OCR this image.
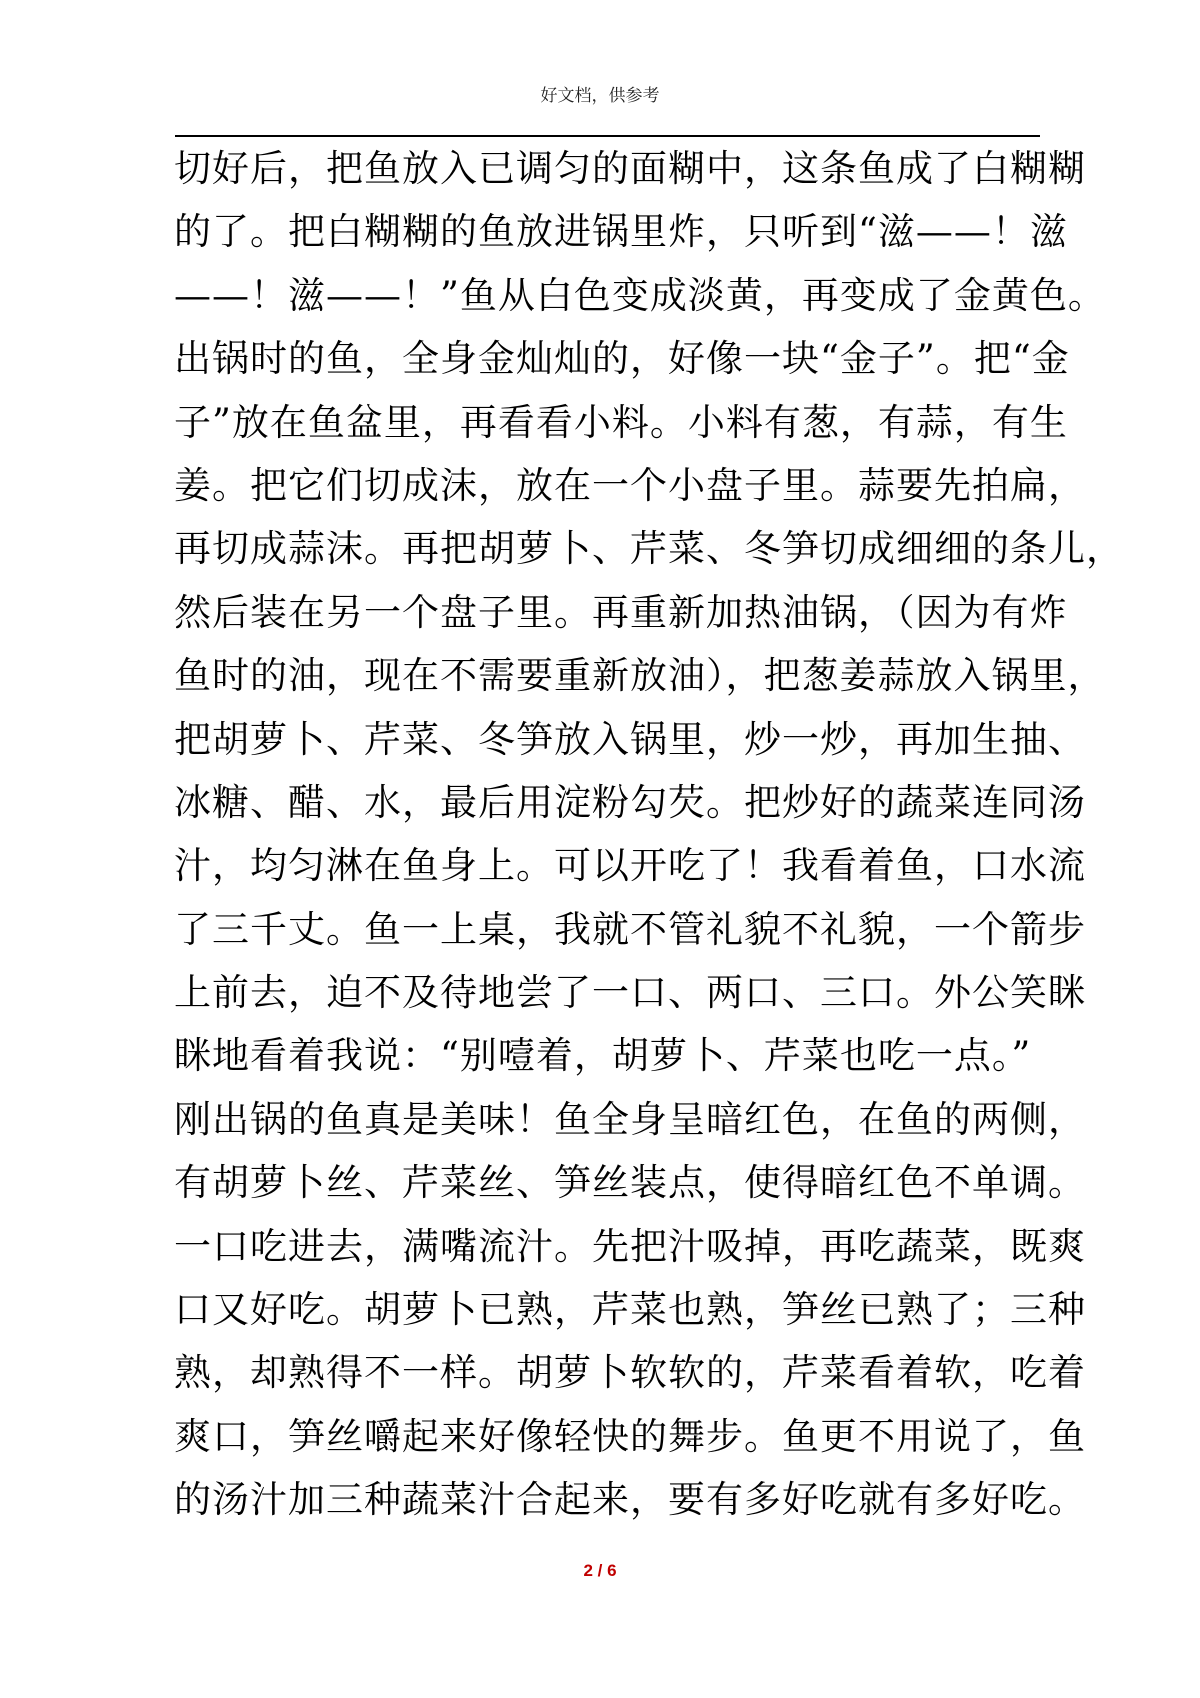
好文档，供参考
切好后，把鱼放入已调匀的面糊中，这条鱼成了白糊糊
的了。把白糊糊的鱼放进锅里炸，只听到“滋——！滋
——！滋——！”鱼从白色变成淡黄，再变成了金黄色。
出锅时的鱼，全身金灿灿的，好像一块“金子”。把“金
子”放在鱼盆里，再看看小料。小料有葱，有蒜，有生
姜。把它们切成沫，放在一个小盘子里。蒜要先拍扁，
再切成蒜沫。再把胡萝卜、芹菜、冬笋切成细细的条儿，
然后装在另一个盘子里。再重新加热油锅，（因为有炸
鱼时的油，现在不需要重新放油），把葱姜蒜放入锅里，
把胡萝卜、芹菜、冬笋放入锅里，炒一炒，再加生抽、
冰糖、醋、水，最后用淀粉勾芡。把炒好的蔬菜连同汤
汁，均匀淋在鱼身上。可以开吃了！我看着鱼，口水流
了三千丈。鱼一上桌，我就不管礼貌不礼貌，一个箭步
上前去，迫不及待地尝了一口、两口、三口。外公笑眯
眯地看着我说：“别噎着，胡萝卜、芹菜也吃一点。”
刚出锅的鱼真是美味！鱼全身呈暗红色，在鱼的两侧，
有胡萝卜丝、芹菜丝、笋丝装点，使得暗红色不单调。
一口吃进去，满嘴流汁。先把汁吸掉，再吃蔬菜，既爽
口又好吃。胡萝卜已熟，芹菜也熟，笋丝已熟了；三种
熟，却熟得不一样。胡萝卜软软的，芹菜看着软，吃着
爽口，笋丝嚼起来好像轻快的舞步。鱼更不用说了，鱼
的汤汁加三种蔬菜汁合起来，要有多好吃就有多好吃。
2 / 6
